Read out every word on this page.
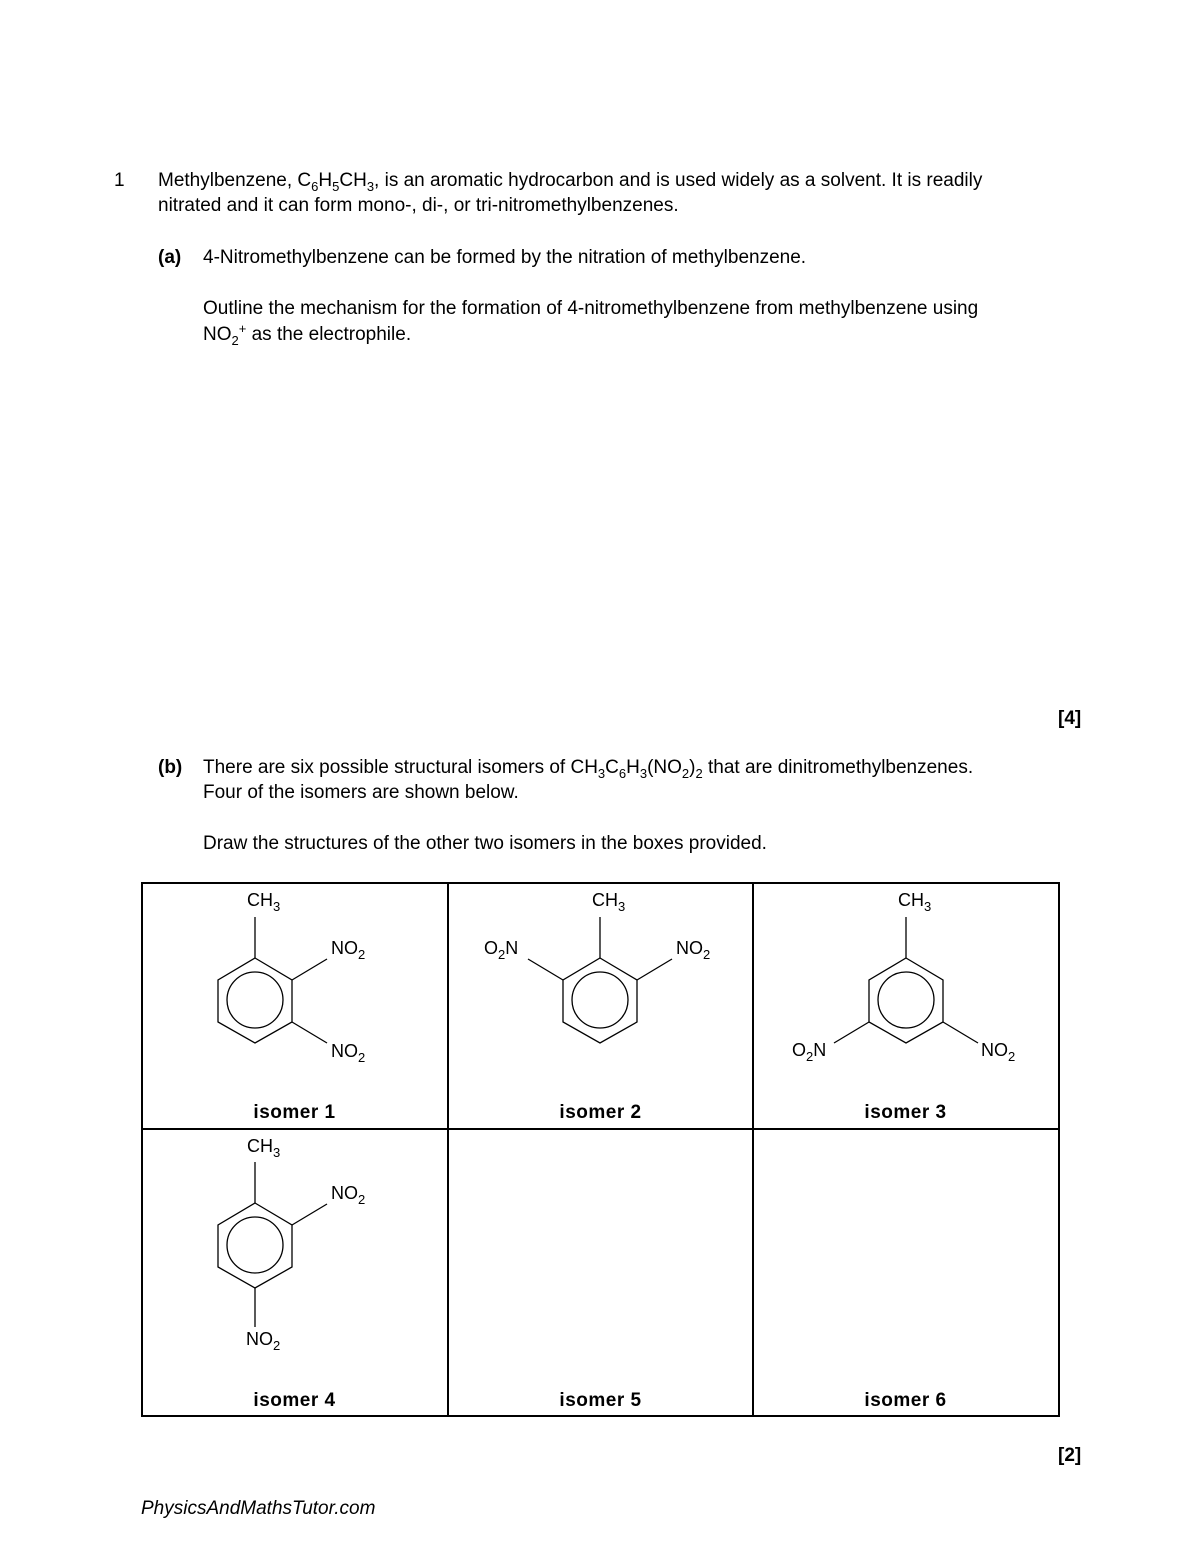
1 Methylbenzene, $C_6H_5CH_3$, is an aromatic hydrocarbon and is used widely as a solvent. It is readily
nitrated and it can form mono-, di-, or tri-nitromethylbenzenes.
(a) 4-Nitromethylbenzene can be formed by the nitration of methylbenzene.
Outline the mechanism for the formation of 4-nitromethylbenzene from methylbenzene using
$NO_2^+$ as the electrophile.
[4]
(b) There are six possible structural isomers of $CH_3C_6H_3(NO_2)_2$ that are dinitromethylbenzenes.
Four of the isomers are shown below.
Draw the structures of the other two isomers in the boxes provided.
$CH_3$
$NO_2$
$NO_2$
$CH_3$
$O_2N$	$NO_2$
$CH_3$
$O_2N$	$NO_2$
$CH_3$
$NO_2$
$NO_2$
isomer 1	isomer 2	isomer 3
isomer 4	isomer 5	isomer 6
[2]
PhysicsAndMathsTutor.com
